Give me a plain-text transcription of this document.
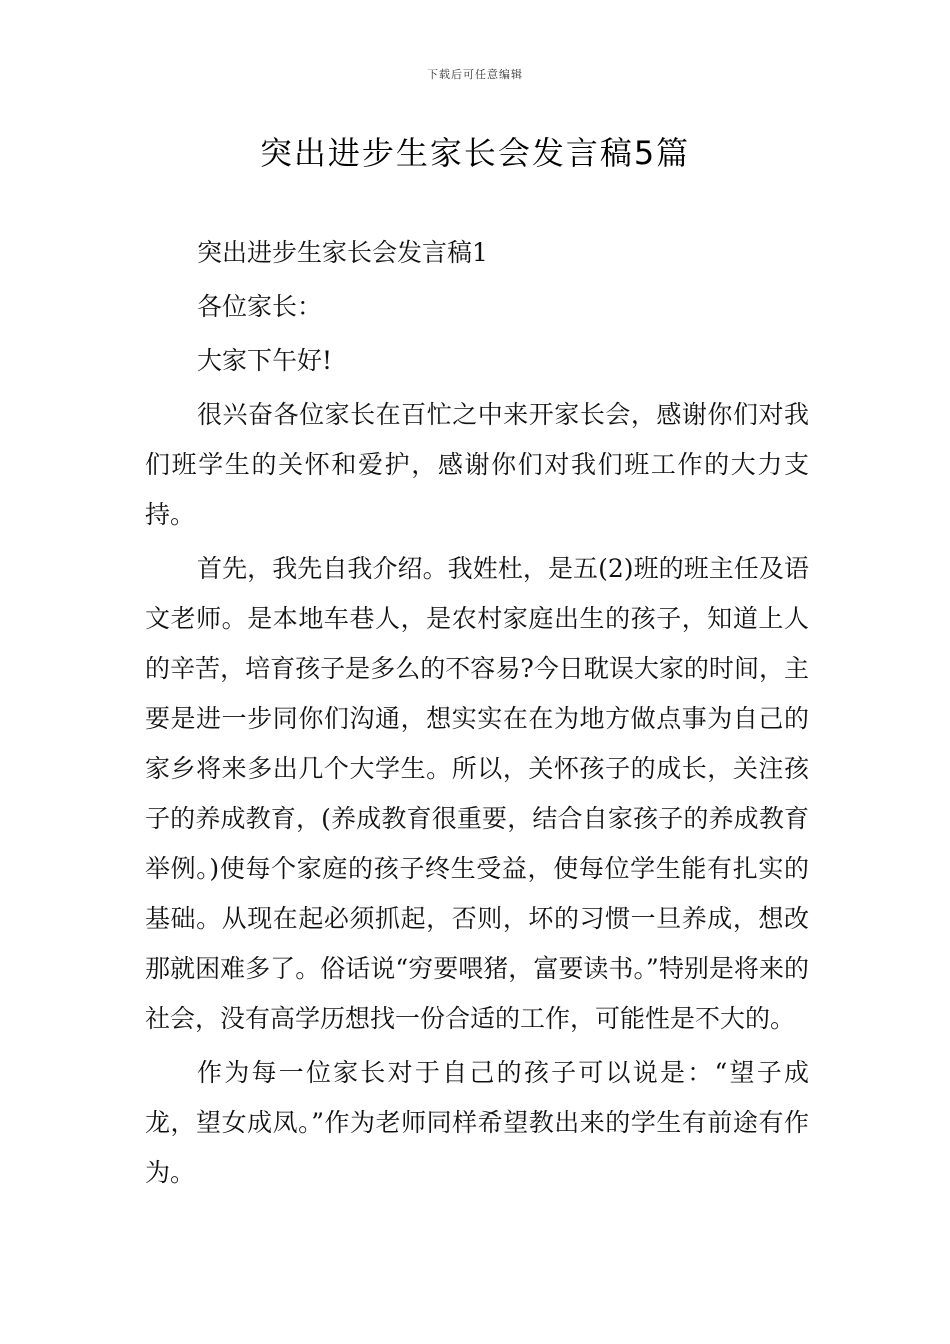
下载后可任意编辑
突出进步生家长会发言稿5篇

突出进步生家长会发言稿1

各位家长：

大家下午好!

很兴奋各位家长在百忙之中来开家长会，感谢你们对我们班学生的关怀和爱护，感谢你们对我们班工作的大力支持。

首先，我先自我介绍。我姓杜，是五(2)班的班主任及语文老师。是本地车巷人，是农村家庭出生的孩子，知道上人的辛苦，培育孩子是多么的不容易?今日耽误大家的时间，主要是进一步同你们沟通，想实实在在为地方做点事为自己的家乡将来多出几个大学生。所以，关怀孩子的成长，关注孩子的养成教育，(养成教育很重要，结合自家孩子的养成教育举例。)使每个家庭的孩子终生受益，使每位学生能有扎实的基础。从现在起必须抓起，否则，坏的习惯一旦养成，想改那就困难多了。俗话说“穷要喂猪，富要读书。”特别是将来的社会，没有高学历想找一份合适的工作，可能性是不大的。

作为每一位家长对于自己的孩子可以说是：“望子成龙，望女成凤。”作为老师同样希望教出来的学生有前途有作为。
